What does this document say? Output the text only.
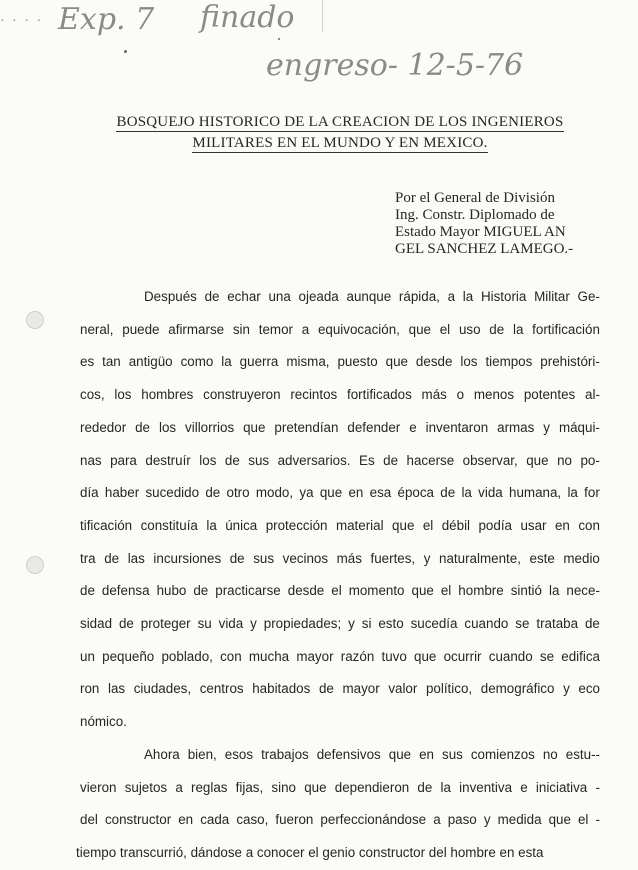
· · · · Exp. 7 finado
engreso- 12-5-76
BOSQUEJO HISTORICO DE LA CREACION DE LOS INGENIEROS
MILITARES EN EL MUNDO Y EN MEXICO.
Por el General de División
Ing. Constr. Diplomado de
Estado Mayor MIGUEL AN
GEL SANCHEZ LAMEGO.-
Después de echar una ojeada aunque rápida, a la Historia Militar Ge-
neral, puede afirmarse sin temor a equivocación, que el uso de la fortificación
es tan antigüo como la guerra misma, puesto que desde los tiempos prehistóri-
cos, los hombres construyeron recintos fortificados más o menos potentes al-
rededor de los villorrios que pretendían defender e inventaron armas y máqui-
nas para destruír los de sus adversarios. Es de hacerse observar, que no po-
día haber sucedido de otro modo, ya que en esa época de la vida humana, la for
tificación constituía la única protección material que el débil podía usar en con
tra de las incursiones de sus vecinos más fuertes, y naturalmente, este medio
de defensa hubo de practicarse desde el momento que el hombre sintió la nece-
sidad de proteger su vida y propiedades; y si esto sucedía cuando se trataba de
un pequeño poblado, con mucha mayor razón tuvo que ocurrir cuando se edifica
ron las ciudades, centros habitados de mayor valor político, demográfico y eco
nómico.
Ahora bien, esos trabajos defensivos que en sus comienzos no estu--
vieron sujetos a reglas fijas, sino que dependieron de la inventiva e iniciativa -
del constructor en cada caso, fueron perfeccionándose a paso y medida que el -
tiempo transcurrió, dándose a conocer el genio constructor del hombre en esta
